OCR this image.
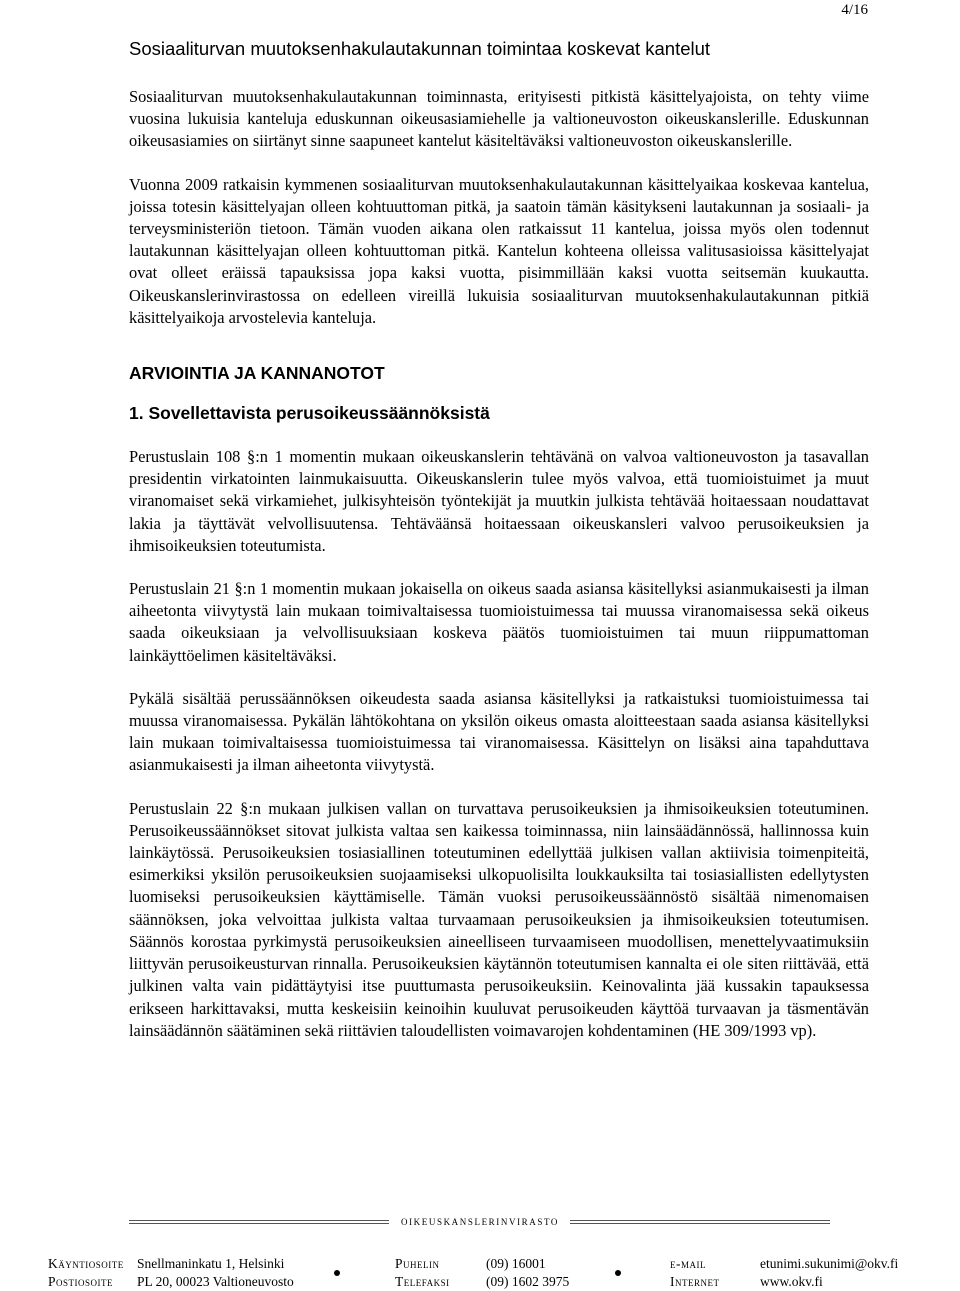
4/16
Sosiaaliturvan muutoksenhakulautakunnan toimintaa koskevat kantelut

Sosiaaliturvan muutoksenhakulautakunnan toiminnasta, erityisesti pitkistä käsittelyajoista, on tehty viime vuosina lukuisia kanteluja eduskunnan oikeusasiamiehelle ja valtioneuvoston oikeuskanslerille. Eduskunnan oikeusasiamies on siirtänyt sinne saapuneet kantelut käsiteltäväksi valtioneuvoston oikeuskanslerille.

Vuonna 2009 ratkaisin kymmenen sosiaaliturvan muutoksenhakulautakunnan käsittelyaikaa koskevaa kantelua, joissa totesin käsittelyajan olleen kohtuuttoman pitkä, ja saatoin tämän käsitykseni lautakunnan ja sosiaali- ja terveysministeriön tietoon. Tämän vuoden aikana olen ratkaissut 11 kantelua, joissa myös olen todennut lautakunnan käsittelyajan olleen kohtuuttoman pitkä. Kantelun kohteena olleissa valitusasioissa käsittelyajat ovat olleet eräissä tapauksissa jopa kaksi vuotta, pisimmillään kaksi vuotta seitsemän kuukautta. Oikeuskanslerinvirastossa on edelleen vireillä lukuisia sosiaaliturvan muutoksenhakulautakunnan pitkiä käsittelyaikoja arvostelevia kanteluja.

ARVIOINTIA JA KANNANOTOT
1. Sovellettavista perusoikeussäännöksistä

Perustuslain 108 §:n 1 momentin mukaan oikeuskanslerin tehtävänä on valvoa valtioneuvoston ja tasavallan presidentin virkatointen lainmukaisuutta. Oikeuskanslerin tulee myös valvoa, että tuomioistuimet ja muut viranomaiset sekä virkamiehet, julkisyhteisön työntekijät ja muutkin julkista tehtävää hoitaessaan noudattavat lakia ja täyttävät velvollisuutensa. Tehtäväänsä hoitaessaan oikeuskansleri valvoo perusoikeuksien ja ihmisoikeuksien toteutumista.

Perustuslain 21 §:n 1 momentin mukaan jokaisella on oikeus saada asiansa käsitellyksi asianmukaisesti ja ilman aiheetonta viivytystä lain mukaan toimivaltaisessa tuomioistuimessa tai muussa viranomaisessa sekä oikeus saada oikeuksiaan ja velvollisuuksiaan koskeva päätös tuomioistuimen tai muun riippumattoman lainkäyttöelimen käsiteltäväksi.

Pykälä sisältää perussäännöksen oikeudesta saada asiansa käsitellyksi ja ratkaistuksi tuomioistuimessa tai muussa viranomaisessa. Pykälän lähtökohtana on yksilön oikeus omasta aloitteestaan saada asiansa käsitellyksi lain mukaan toimivaltaisessa tuomioistuimessa tai viranomaisessa. Käsittelyn on lisäksi aina tapahduttava asianmukaisesti ja ilman aiheetonta viivytystä.

Perustuslain 22 §:n mukaan julkisen vallan on turvattava perusoikeuksien ja ihmisoikeuksien toteutuminen. Perusoikeussäännökset sitovat julkista valtaa sen kaikessa toiminnassa, niin lainsäädännössä, hallinnossa kuin lainkäytössä. Perusoikeuksien tosiasiallinen toteutuminen edellyttää julkisen vallan aktiivisia toimenpiteitä, esimerkiksi yksilön perusoikeuksien suojaamiseksi ulkopuolisilta loukkauksilta tai tosiasiallisten edellytysten luomiseksi perusoikeuksien käyttämiselle. Tämän vuoksi perusoikeussäännöstö sisältää nimenomaisen säännöksen, joka velvoittaa julkista valtaa turvaamaan perusoikeuksien ja ihmisoikeuksien toteutumisen. Säännös korostaa pyrkimystä perusoikeuksien aineelliseen turvaamiseen muodollisen, menettelyvaatimuksiin liittyvän perusoikeusturvan rinnalla. Perusoikeuksien käytännön toteutumisen kannalta ei ole siten riittävää, että julkinen valta vain pidättäytyisi itse puuttumasta perusoikeuksiin. Keinovalinta jää kussakin tapauksessa erikseen harkittavaksi, mutta keskeisiin keinoihin kuuluvat perusoikeuden käyttöä turvaavan ja täsmentävän lainsäädännön säätäminen sekä riittävien taloudellisten voimavarojen kohdentaminen (HE 309/1993 vp).

oikeuskanslerinvirasto
Käyntiosoite Snellmaninkatu 1, Helsinki
Postiosoite PL 20, 00023 Valtioneuvosto
Puhelin	(09) 16001
Telefaksi	(09) 1602 3975
e-mail	etunimi.sukunimi@okv.fi
Internet	www.okv.fi
